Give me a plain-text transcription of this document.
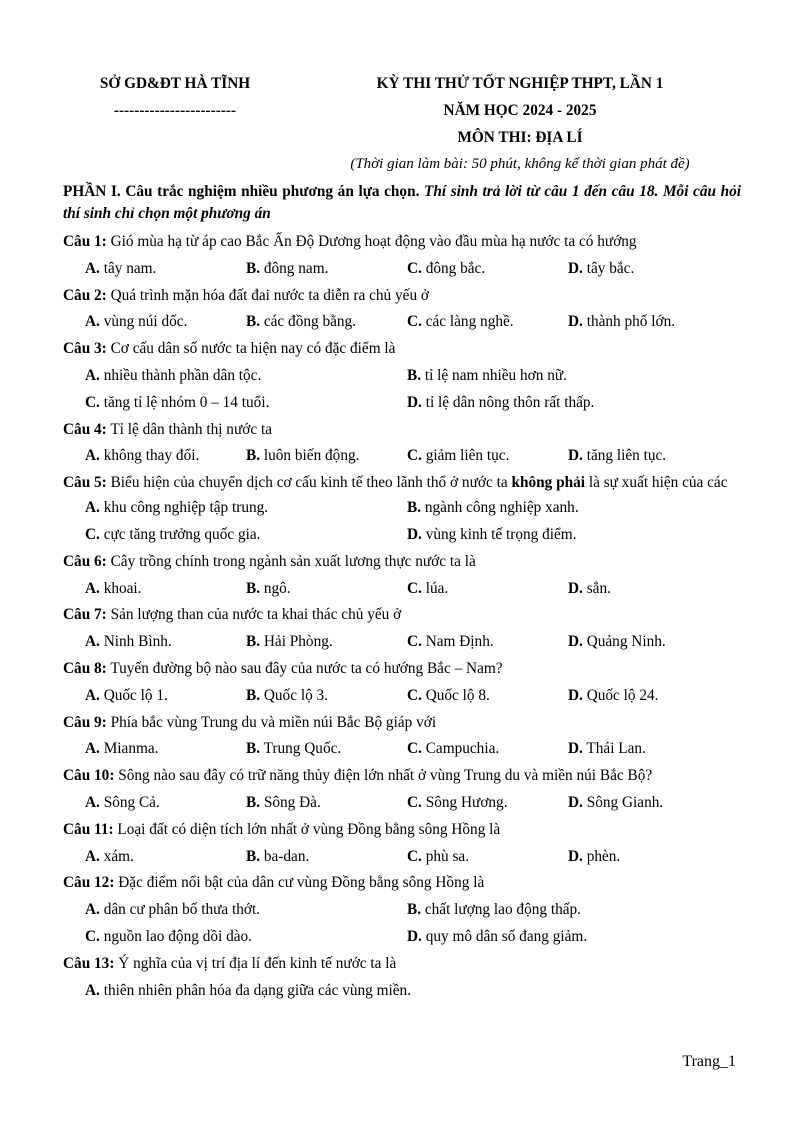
SỞ GD&ĐT HÀ TĨNH
------------------------
KỲ THI THỬ TỐT NGHIỆP THPT, LẦN 1
NĂM HỌC 2024 - 2025
MÔN THI: ĐỊA LÍ
(Thời gian làm bài: 50 phút, không kể thời gian phát đề)

PHẦN I. Câu trắc nghiệm nhiều phương án lựa chọn. Thí sinh trả lời từ câu 1 đến câu 18. Mỗi câu hỏi thí sinh chỉ chọn một phương án

Câu 1: Gió mùa hạ từ áp cao Bắc Ấn Độ Dương hoạt động vào đầu mùa hạ nước ta có hướng

A. tây nam.	B. đông nam.	C. đông bắc.	D. tây bắc.

Câu 2: Quá trình mặn hóa đất đai nước ta diễn ra chủ yếu ở

A. vùng núi dốc.	B. các đồng bằng.	C. các làng nghề.	D. thành phố lớn.

Câu 3: Cơ cấu dân số nước ta hiện nay có đặc điểm là

A. nhiều thành phần dân tộc.	B. tỉ lệ nam nhiều hơn nữ.
C. tăng tỉ lệ nhóm 0 – 14 tuổi.	D. tỉ lệ dân nông thôn rất thấp.

Câu 4: Tỉ lệ dân thành thị nước ta

A. không thay đổi.	B. luôn biến động.	C. giảm liên tục.	D. tăng liên tục.

Câu 5: Biểu hiện của chuyển dịch cơ cấu kinh tế theo lãnh thổ ở nước ta không phải là sự xuất hiện của các

A. khu công nghiệp tập trung.	B. ngành công nghiệp xanh.
C. cực tăng trưởng quốc gia.	D. vùng kinh tế trọng điểm.

Câu 6: Cây trồng chính trong ngành sản xuất lương thực nước ta là

A. khoai.	B. ngô.	C. lúa.	D. sắn.

Câu 7: Sản lượng than của nước ta khai thác chủ yếu ở

A. Ninh Bình.	B. Hải Phòng.	C. Nam Định.	D. Quảng Ninh.

Câu 8: Tuyến đường bộ nào sau đây của nước ta có hướng Bắc – Nam?

A. Quốc lộ 1.	B. Quốc lộ 3.	C. Quốc lộ 8.	D. Quốc lộ 24.

Câu 9: Phía bắc vùng Trung du và miền núi Bắc Bộ giáp với

A. Mianma.	B. Trung Quốc.	C. Campuchia.	D. Thái Lan.

Câu 10: Sông nào sau đây có trữ năng thủy điện lớn nhất ở vùng Trung du và miền núi Bắc Bộ?

A. Sông Cả.	B. Sông Đà.	C. Sông Hương.	D. Sông Gianh.

Câu 11: Loại đất có diện tích lớn nhất ở vùng Đồng bằng sông Hồng là

A. xám.	B. ba-dan.	C. phù sa.	D. phèn.

Câu 12: Đặc điểm nổi bật của dân cư vùng Đồng bằng sông Hồng là

A. dân cư phân bố thưa thớt.	B. chất lượng lao động thấp.
C. nguồn lao động dồi dào.	D. quy mô dân số đang giảm.

Câu 13: Ý nghĩa của vị trí địa lí đến kinh tế nước ta là

A. thiên nhiên phân hóa đa dạng giữa các vùng miền.
Trang_1
